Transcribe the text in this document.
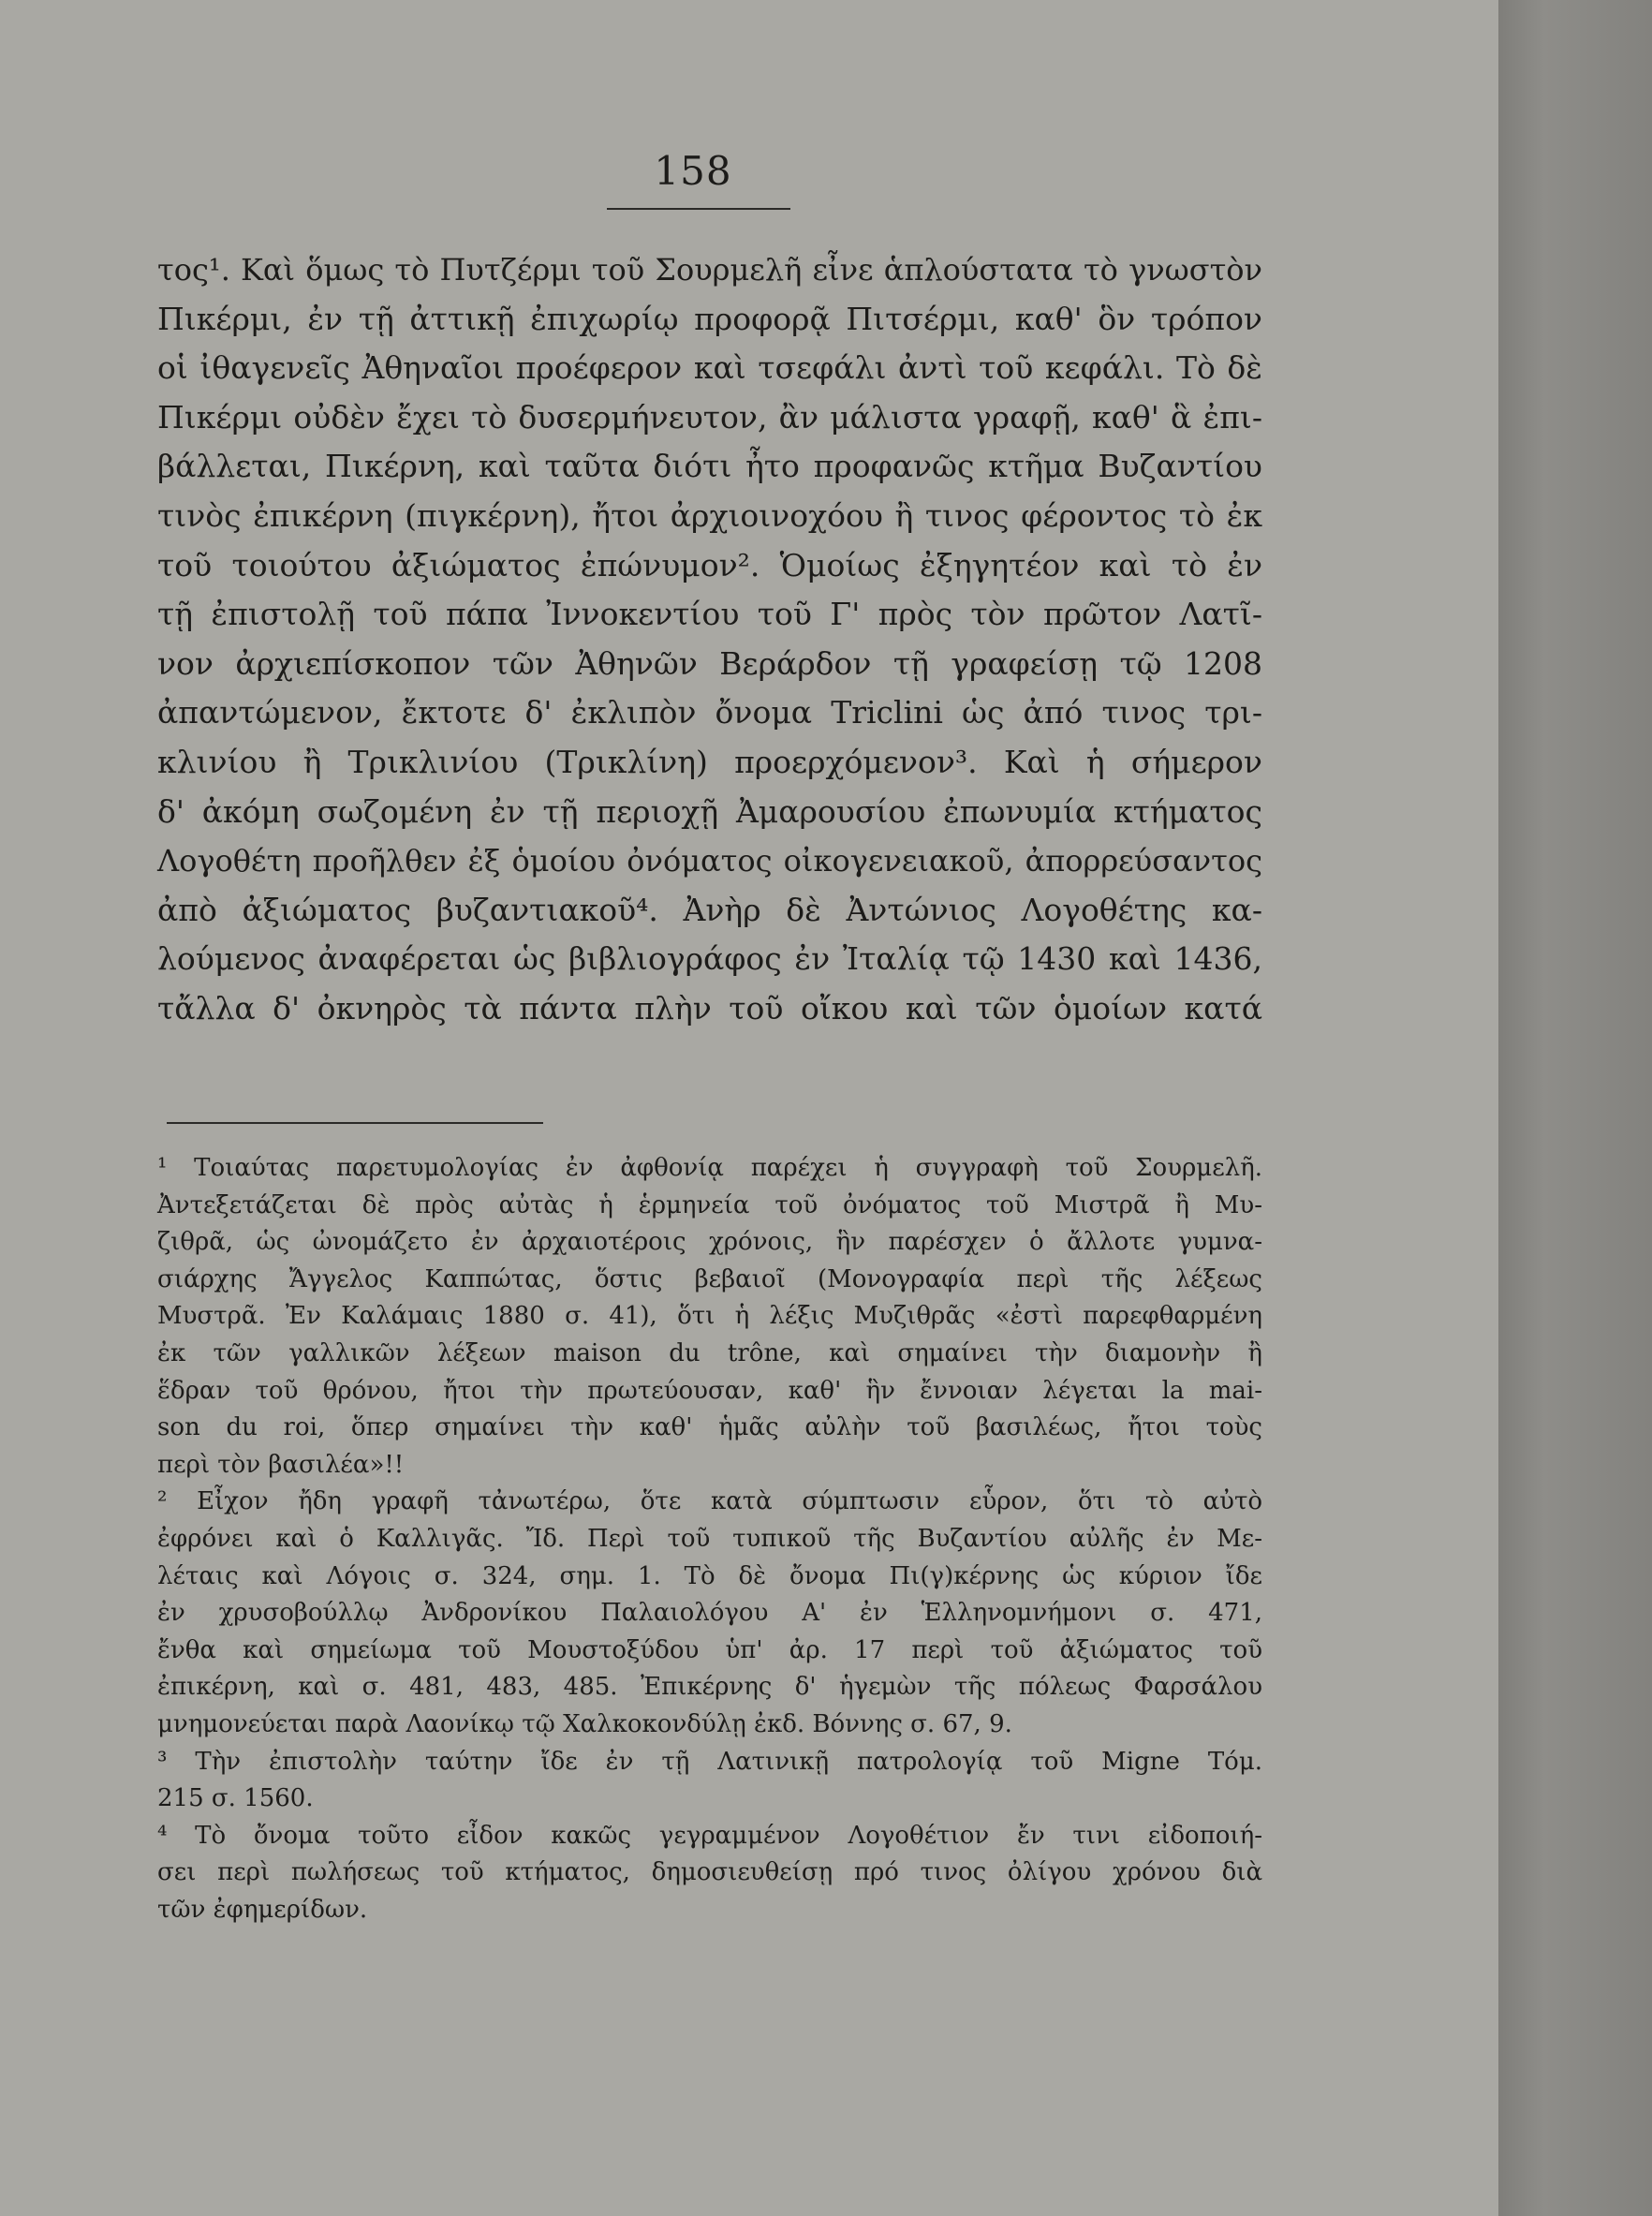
158
τος¹. Καὶ ὅμως τὸ Πυτζέρμι τοῦ Σουρμελῆ εἶνε ἁπλούστατα τὸ γνωστὸν
Πικέρμι, ἐν τῇ ἀττικῇ ἐπιχωρίῳ προφορᾷ Πιτσέρμι, καθ' ὃν τρόπον
οἱ ἰθαγενεῖς Ἀθηναῖοι προέφερον καὶ τσεφάλι ἀντὶ τοῦ κεφάλι. Τὸ δὲ
Πικέρμι οὐδὲν ἔχει τὸ δυσερμήνευτον, ἂν μάλιστα γραφῇ, καθ' ἃ ἐπι-
βάλλεται, Πικέρνη, καὶ ταῦτα διότι ἦτο προφανῶς κτῆμα Βυζαντίου
τινὸς ἐπικέρνη (πιγκέρνη), ἤτοι ἀρχιοινοχόου ἢ τινος φέροντος τὸ ἐκ
τοῦ τοιούτου ἀξιώματος ἐπώνυμον². Ὁμοίως ἐξηγητέον καὶ τὸ ἐν
τῇ ἐπιστολῇ τοῦ πάπα Ἰννοκεντίου τοῦ Γ' πρὸς τὸν πρῶτον Λατῖ-
νον ἀρχιεπίσκοπον τῶν Ἀθηνῶν Βεράρδον τῇ γραφείσῃ τῷ 1208
ἀπαντώμενον, ἔκτοτε δ' ἐκλιπὸν ὄνομα Triclini ὡς ἀπό τινος τρι-
κλινίου ἢ Τρικλινίου (Τρικλίνη) προερχόμενον³. Καὶ ἡ σήμερον
δ' ἀκόμη σωζομένη ἐν τῇ περιοχῇ Ἀμαρουσίου ἐπωνυμία κτήματος
Λογοθέτη προῆλθεν ἐξ ὁμοίου ὀνόματος οἰκογενειακοῦ, ἀπορρεύσαντος
ἀπὸ ἀξιώματος βυζαντιακοῦ⁴. Ἀνὴρ δὲ Ἀντώνιος Λογοθέτης κα-
λούμενος ἀναφέρεται ὡς βιβλιογράφος ἐν Ἰταλίᾳ τῷ 1430 καὶ 1436,
τἄλλα δ' ὀκνηρὸς τὰ πάντα πλὴν τοῦ οἴκου καὶ τῶν ὁμοίων κατά
¹ Τοιαύτας παρετυμολογίας ἐν ἀφθονίᾳ παρέχει ἡ συγγραφὴ τοῦ Σουρμελῆ.
Ἀντεξετάζεται δὲ πρὸς αὐτὰς ἡ ἑρμηνεία τοῦ ὀνόματος τοῦ Μιστρᾶ ἢ Μυ-
ζιθρᾶ, ὡς ὠνομάζετο ἐν ἀρχαιοτέροις χρόνοις, ἣν παρέσχεν ὁ ἄλλοτε γυμνα-
σιάρχης Ἄγγελος Καππώτας, ὅστις βεβαιοῖ (Μονογραφία περὶ τῆς λέξεως
Μυστρᾶ. Ἐν Καλάμαις 1880 σ. 41), ὅτι ἡ λέξις Μυζιθρᾶς «ἐστὶ παρεφθαρμένη
ἐκ τῶν γαλλικῶν λέξεων maison du trône, καὶ σημαίνει τὴν διαμονὴν ἢ
ἕδραν τοῦ θρόνου, ἤτοι τὴν πρωτεύουσαν, καθ' ἣν ἔννοιαν λέγεται la mai-
son du roi, ὅπερ σημαίνει τὴν καθ' ἡμᾶς αὐλὴν τοῦ βασιλέως, ἤτοι τοὺς
περὶ τὸν βασιλέα»!!
² Εἶχον ἤδη γραφῆ τἀνωτέρω, ὅτε κατὰ σύμπτωσιν εὗρον, ὅτι τὸ αὐτὸ
ἐφρόνει καὶ ὁ Καλλιγᾶς. Ἴδ. Περὶ τοῦ τυπικοῦ τῆς Βυζαντίου αὐλῆς ἐν Με-
λέταις καὶ Λόγοις σ. 324, σημ. 1. Τὸ δὲ ὄνομα Πι(γ)κέρνης ὡς κύριον ἴδε
ἐν χρυσοβούλλῳ Ἀνδρονίκου Παλαιολόγου Α' ἐν Ἑλληνομνήμονι σ. 471,
ἔνθα καὶ σημείωμα τοῦ Μουστοξύδου ὑπ' ἀρ. 17 περὶ τοῦ ἀξιώματος τοῦ
ἐπικέρνη, καὶ σ. 481, 483, 485. Ἐπικέρνης δ' ἡγεμὼν τῆς πόλεως Φαρσάλου
μνημονεύεται παρὰ Λαονίκῳ τῷ Χαλκοκονδύλῃ ἐκδ. Βόννης σ. 67, 9.
³ Τὴν ἐπιστολὴν ταύτην ἴδε ἐν τῇ Λατινικῇ πατρολογίᾳ τοῦ Migne Τόμ.
215 σ. 1560.
⁴ Τὸ ὄνομα τοῦτο εἶδον κακῶς γεγραμμένον Λογοθέτιον ἔν τινι εἰδοποιή-
σει περὶ πωλήσεως τοῦ κτήματος, δημοσιευθείσῃ πρό τινος ὀλίγου χρόνου διὰ
τῶν ἐφημερίδων.
